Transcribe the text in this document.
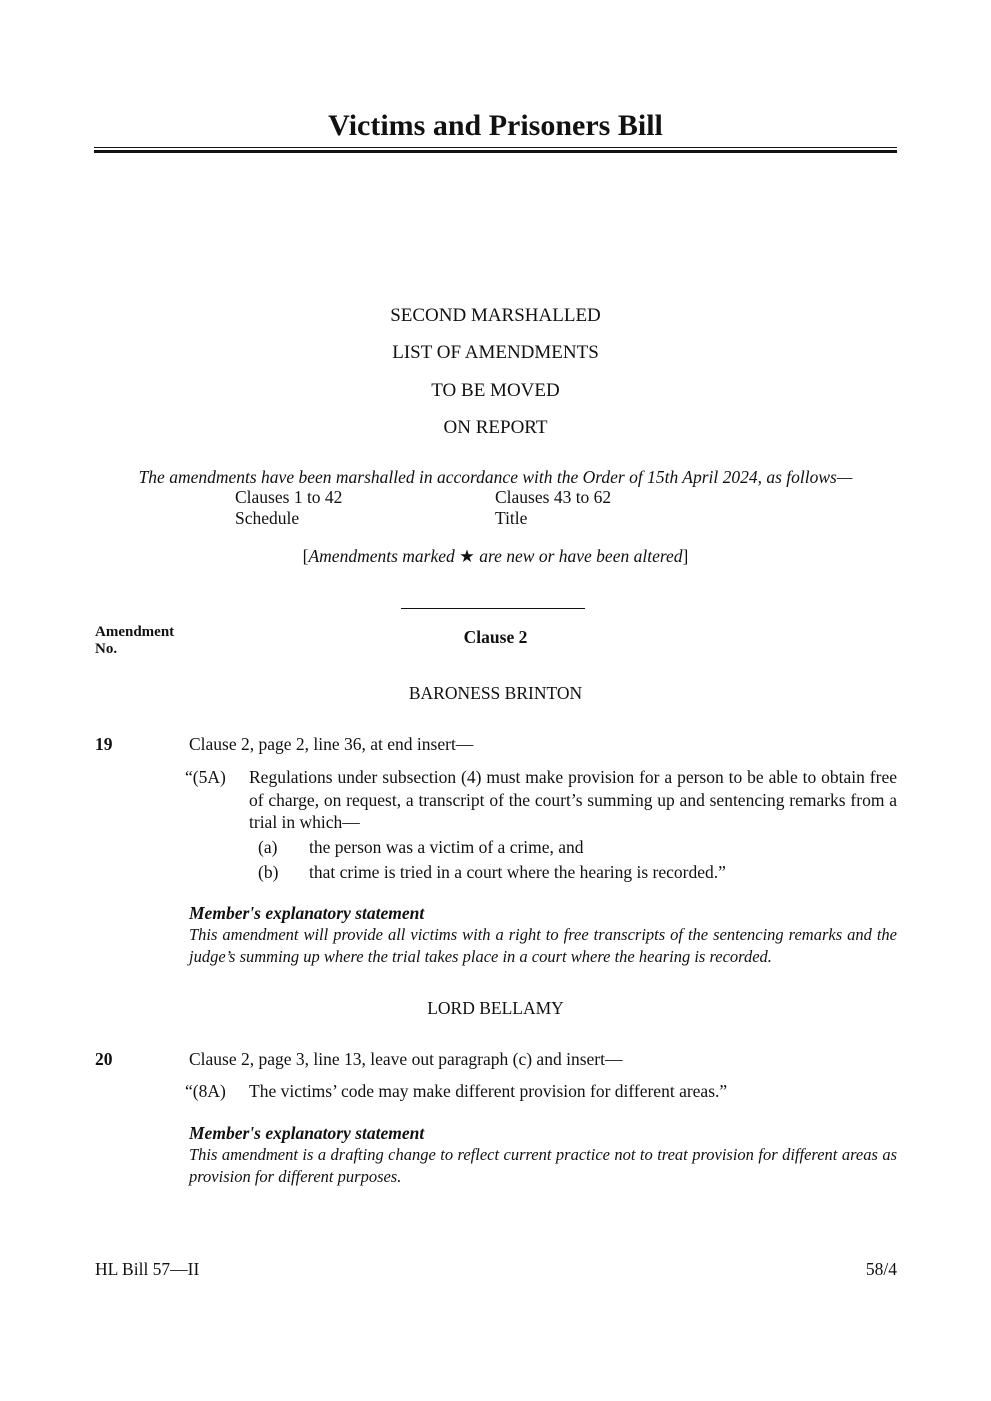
Victims and Prisoners Bill
SECOND MARSHALLED
LIST OF AMENDMENTS
TO BE MOVED
ON REPORT
The amendments have been marshalled in accordance with the Order of 15th April 2024, as follows—
Clauses 1 to 42	Clauses 43 to 62
Schedule	Title
[Amendments marked ★ are new or have been altered]
Amendment
No.
Clause 2
BARONESS BRINTON
19	Clause 2, page 2, line 36, at end insert—
“(5A) Regulations under subsection (4) must make provision for a person to be able to obtain free of charge, on request, a transcript of the court’s summing up and sentencing remarks from a trial in which—
(a) the person was a victim of a crime, and
(b) that crime is tried in a court where the hearing is recorded.”
Member's explanatory statement
This amendment will provide all victims with a right to free transcripts of the sentencing remarks and the judge’s summing up where the trial takes place in a court where the hearing is recorded.
LORD BELLAMY
20	Clause 2, page 3, line 13, leave out paragraph (c) and insert—
“(8A) The victims’ code may make different provision for different areas.”
Member's explanatory statement
This amendment is a drafting change to reflect current practice not to treat provision for different areas as provision for different purposes.
HL Bill 57—II	58/4
